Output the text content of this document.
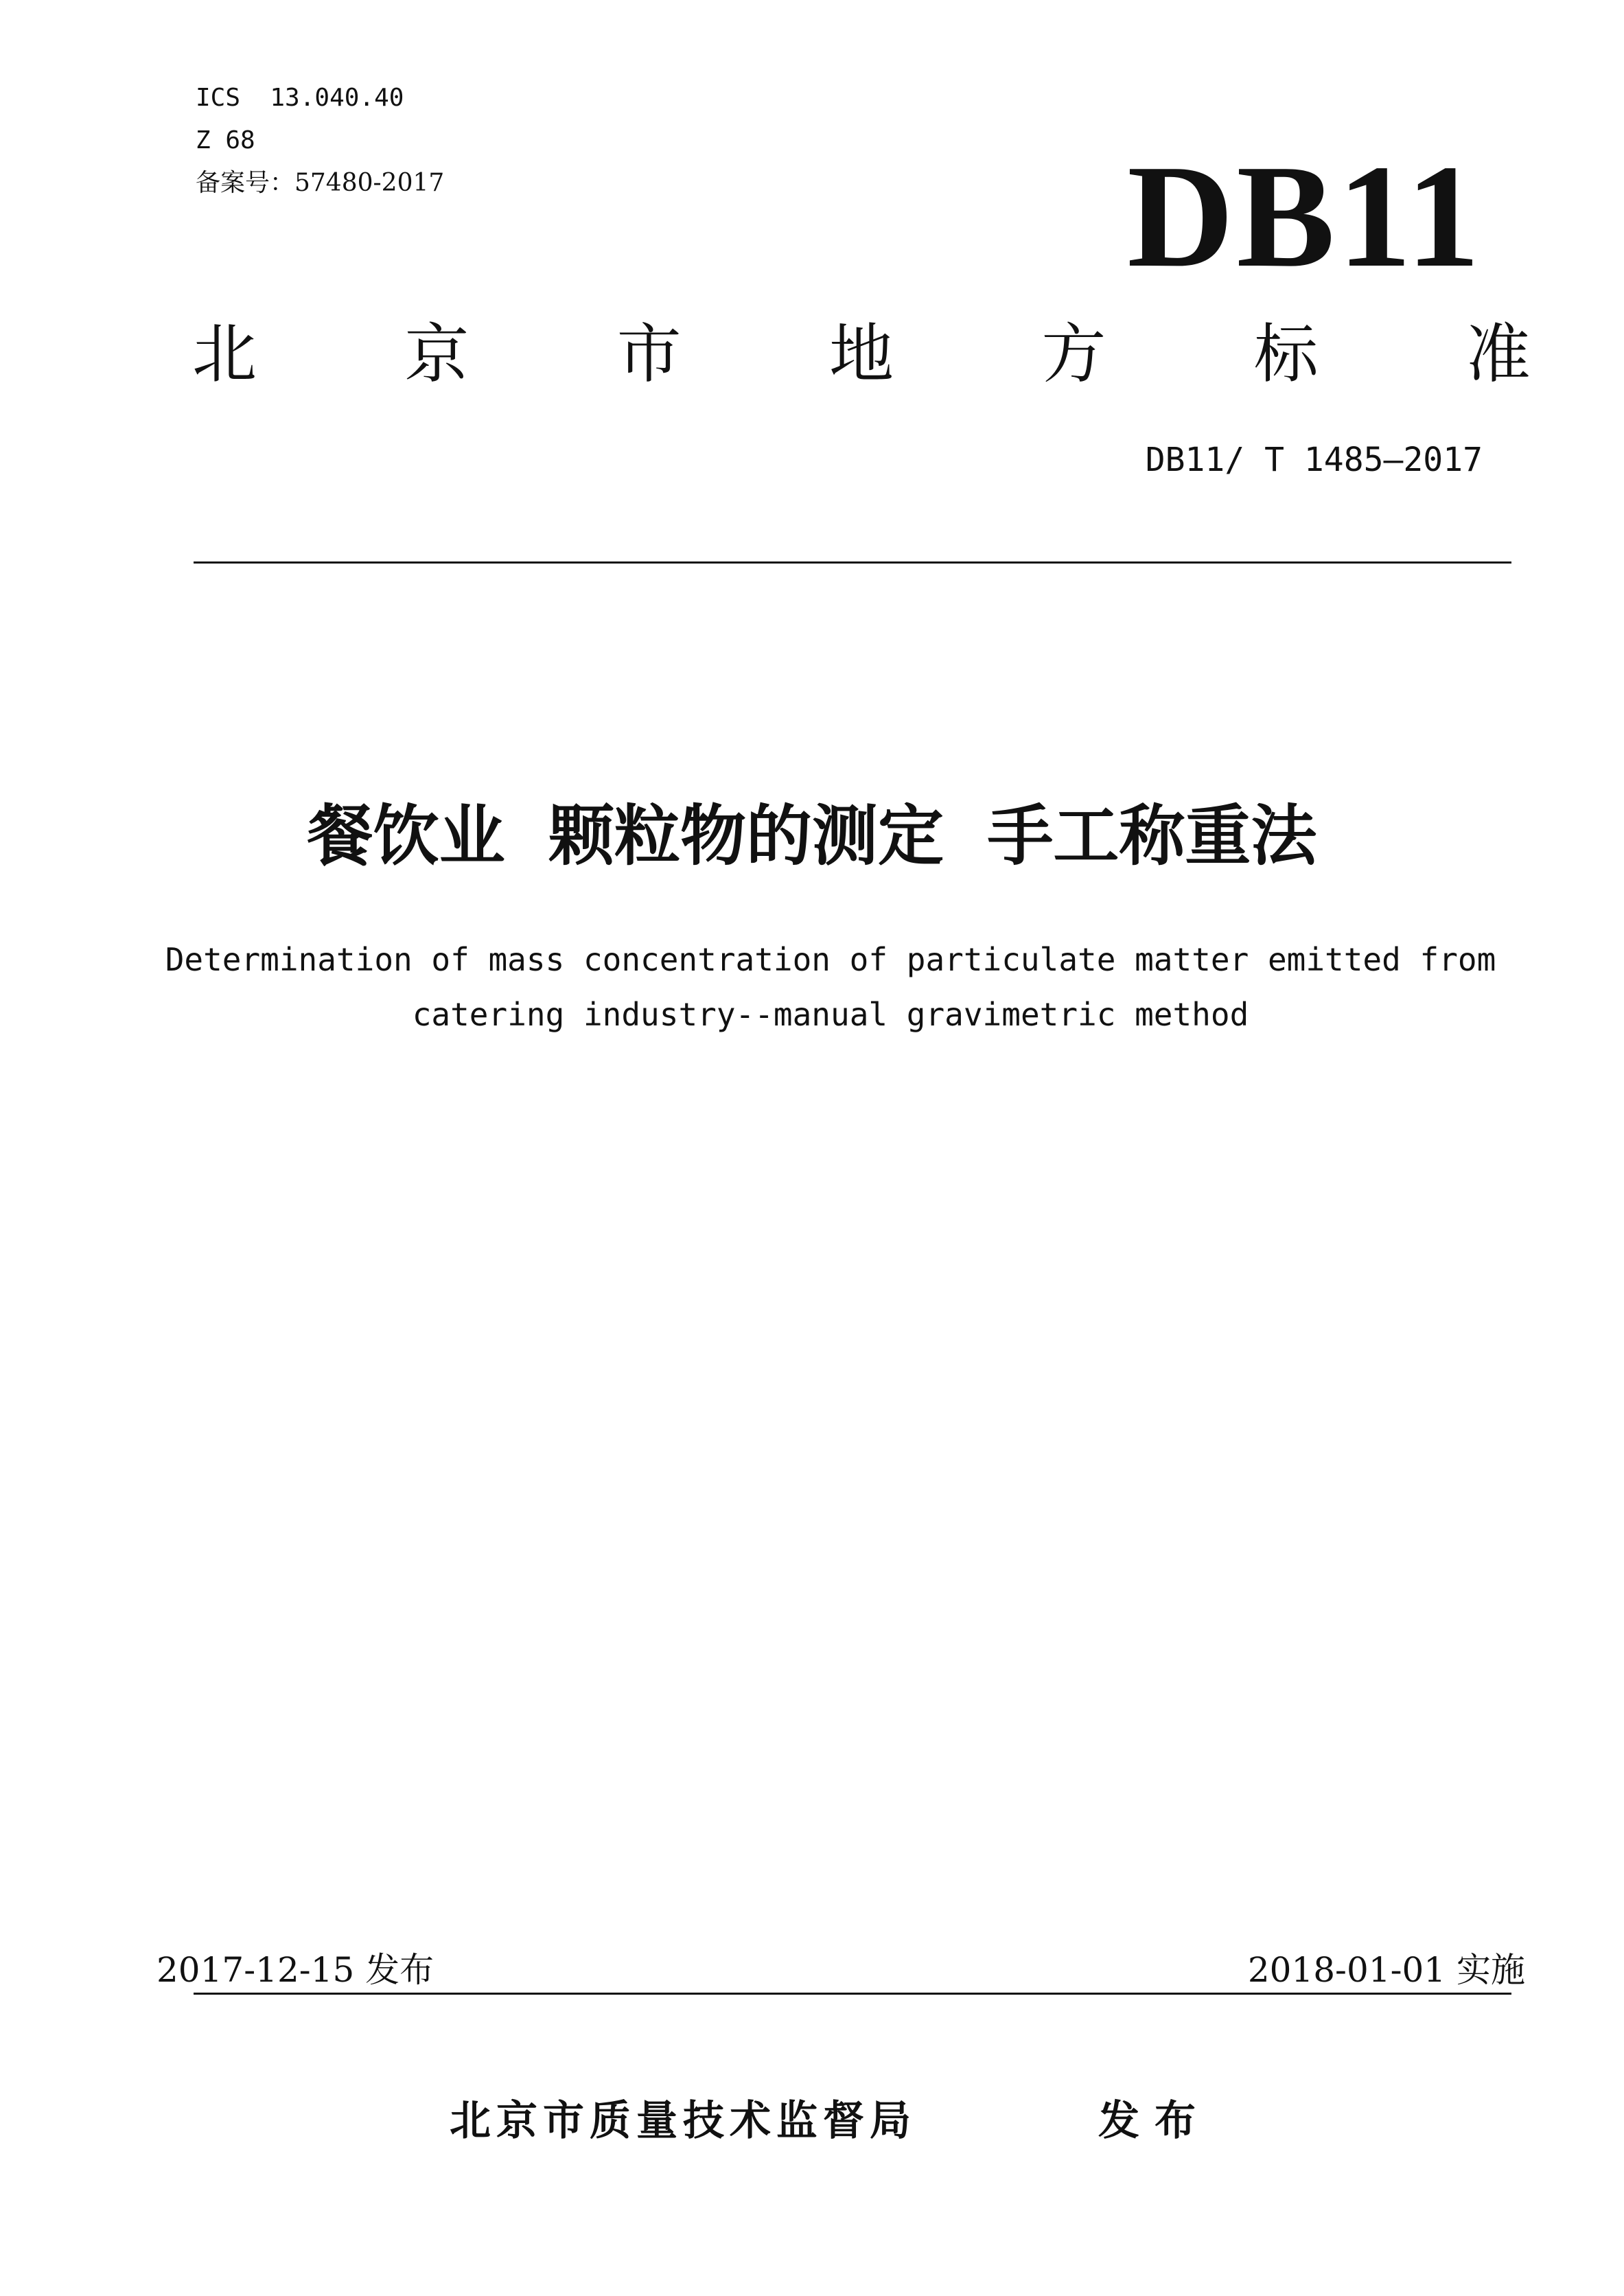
ICS  13.040.40
Z 68
备案号：57480-2017	DB11
北 京 市 地 方 标 准
DB11/ T 1485—2017
餐饮业 颗粒物的测定 手工称重法
Determination of mass concentration of particulate matter emitted from
catering industry--manual gravimetric method
2017-12-15 发布	2018-01-01 实施
北京市质量技术监督局	发布
